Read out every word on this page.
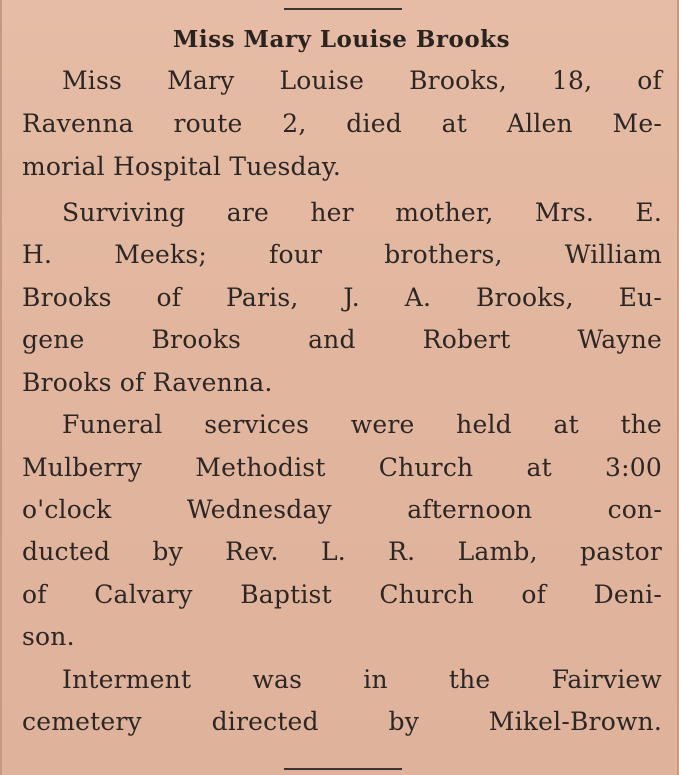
Miss Mary Louise Brooks
Miss Mary Louise Brooks, 18, of
Ravenna route 2, died at Allen Me-
morial Hospital Tuesday.
Surviving are her mother, Mrs. E.
H. Meeks; four brothers, William
Brooks of Paris, J. A. Brooks, Eu-
gene Brooks and Robert Wayne
Brooks of Ravenna.
Funeral services were held at the
Mulberry Methodist Church at 3:00
o'clock Wednesday afternoon con-
ducted by Rev. L. R. Lamb, pastor
of Calvary Baptist Church of Deni-
son.
Interment was in the Fairview
cemetery directed by Mikel-Brown.
